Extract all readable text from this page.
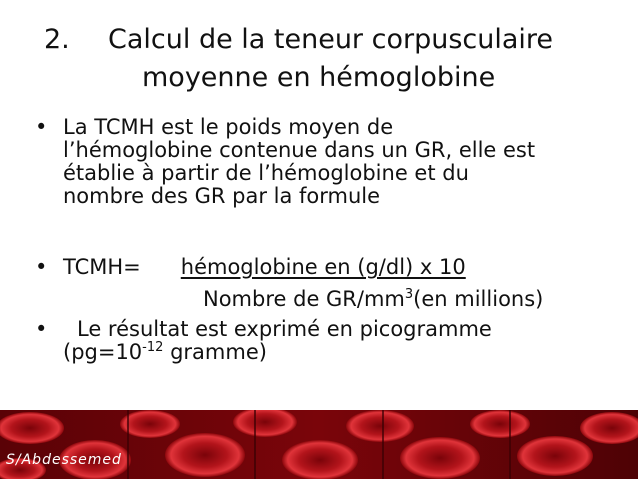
2. Calcul de la teneur corpusculaire
moyenne en hémoglobine
• La TCMH est le poids moyen de
l’hémoglobine contenue dans un GR, elle est
établie à partir de l’hémoglobine et du
nombre des GR par la formule
• TCMH= hémoglobine en (g/dl) x 10
Nombre de $GR/mm^3(en$ millions)
•	Le résultat est exprimé en picogramme
($pg=10^{-12}$ gramme)
S/Abdessemed
